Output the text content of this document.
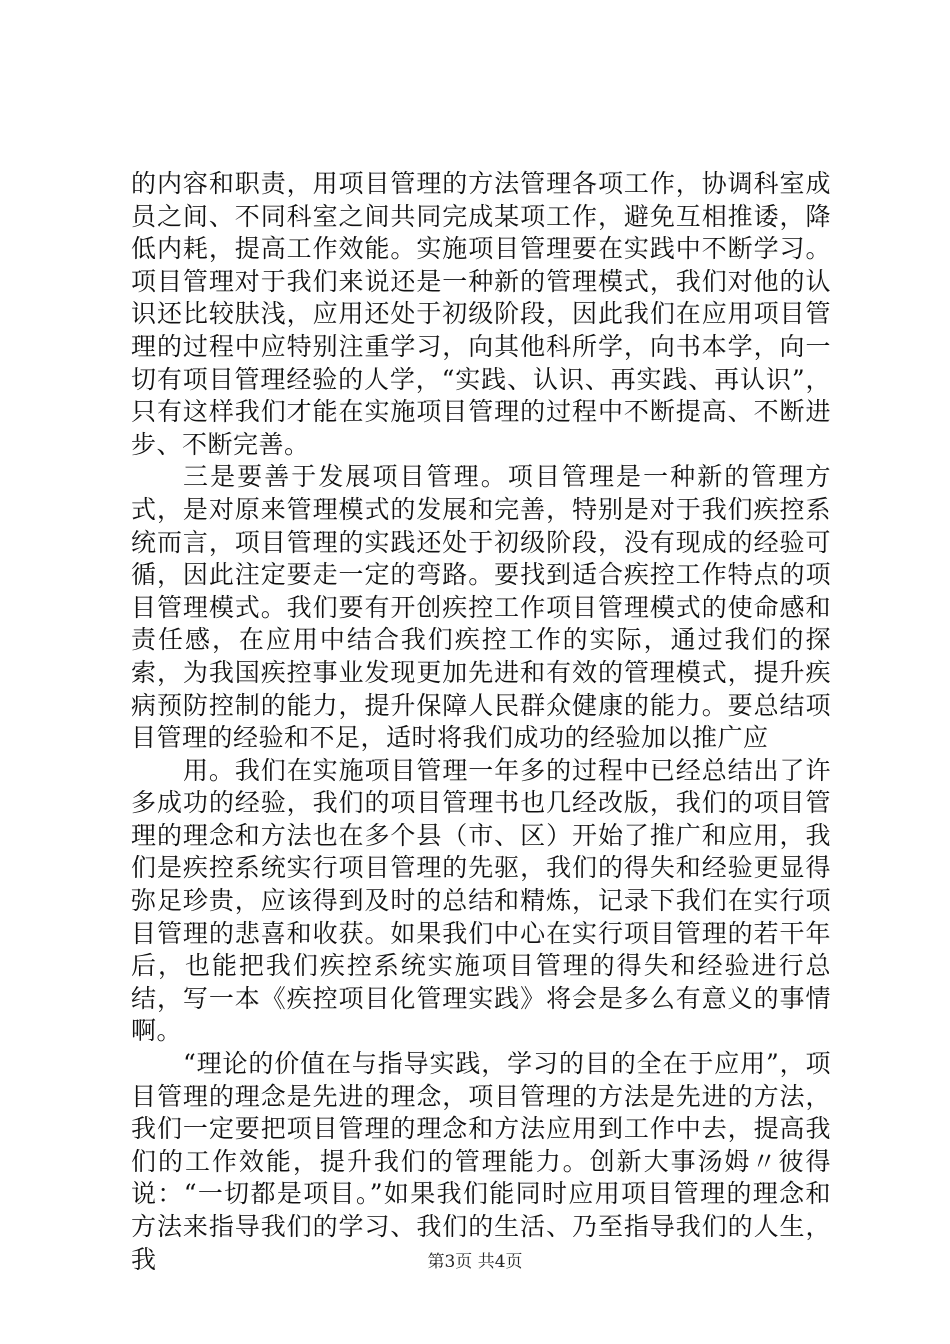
的内容和职责，用项目管理的方法管理各项工作，协调科室成员之间、不同科室之间共同完成某项工作，避免互相推诿，降低内耗，提高工作效能。实施项目管理要在实践中不断学习。项目管理对于我们来说还是一种新的管理模式，我们对他的认识还比较肤浅，应用还处于初级阶段，因此我们在应用项目管理的过程中应特别注重学习，向其他科所学，向书本学，向一切有项目管理经验的人学，“实践、认识、再实践、再认识”，只有这样我们才能在实施项目管理的过程中不断提高、不断进步、不断完善。

三是要善于发展项目管理。项目管理是一种新的管理方式，是对原来管理模式的发展和完善，特别是对于我们疾控系统而言，项目管理的实践还处于初级阶段，没有现成的经验可循，因此注定要走一定的弯路。要找到适合疾控工作特点的项目管理模式。我们要有开创疾控工作项目管理模式的使命感和责任感，在应用中结合我们疾控工作的实际，通过我们的探索，为我国疾控事业发现更加先进和有效的管理模式，提升疾病预防控制的能力，提升保障人民群众健康的能力。要总结项目管理的经验和不足，适时将我们成功的经验加以推广应

用。我们在实施项目管理一年多的过程中已经总结出了许多成功的经验，我们的项目管理书也几经改版，我们的项目管理的理念和方法也在多个县（市、区）开始了推广和应用，我们是疾控系统实行项目管理的先驱，我们的得失和经验更显得弥足珍贵，应该得到及时的总结和精炼，记录下我们在实行项目管理的悲喜和收获。如果我们中心在实行项目管理的若干年后，也能把我们疾控系统实施项目管理的得失和经验进行总结，写一本《疾控项目化管理实践》将会是多么有意义的事情啊。

“理论的价值在与指导实践，学习的目的全在于应用”，项目管理的理念是先进的理念，项目管理的方法是先进的方法，我们一定要把项目管理的理念和方法应用到工作中去，提高我们的工作效能，提升我们的管理能力。创新大事汤姆〃彼得说：“一切都是项目。”如果我们能同时应用项目管理的理念和方法来指导我们的学习、我们的生活、乃至指导我们的人生，我	第3页 共4页
